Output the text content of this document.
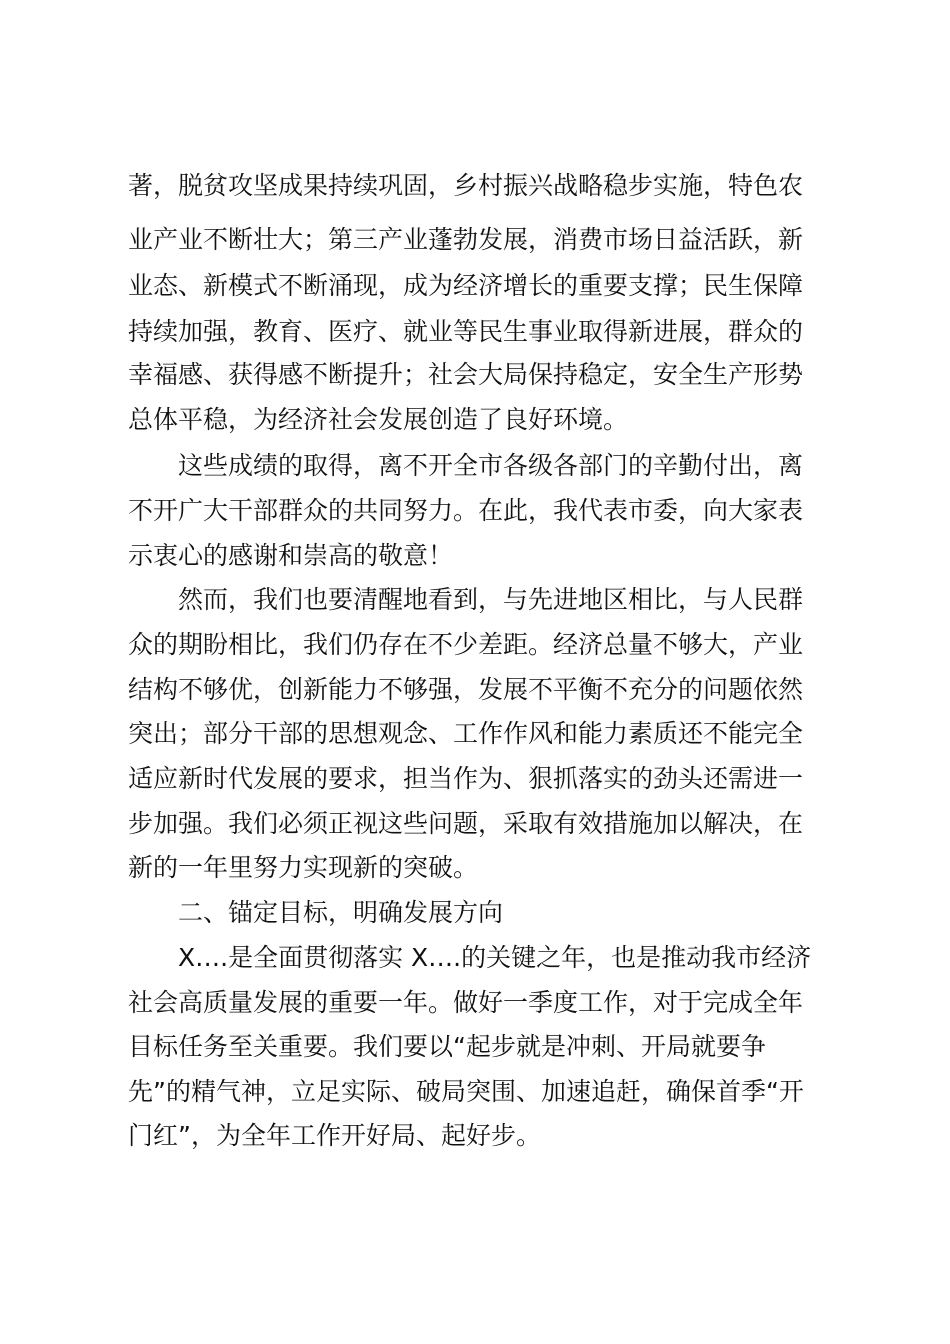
著，脱贫攻坚成果持续巩固，乡村振兴战略稳步实施，特色农
业产业不断壮大；第三产业蓬勃发展，消费市场日益活跃，新
业态、新模式不断涌现，成为经济增长的重要支撑；民生保障
持续加强，教育、医疗、就业等民生事业取得新进展，群众的
幸福感、获得感不断提升；社会大局保持稳定，安全生产形势
总体平稳，为经济社会发展创造了良好环境。
这些成绩的取得，离不开全市各级各部门的辛勤付出，离
不开广大干部群众的共同努力。在此，我代表市委，向大家表
示衷心的感谢和崇高的敬意！
然而，我们也要清醒地看到，与先进地区相比，与人民群
众的期盼相比，我们仍存在不少差距。经济总量不够大，产业
结构不够优，创新能力不够强，发展不平衡不充分的问题依然
突出；部分干部的思想观念、工作作风和能力素质还不能完全
适应新时代发展的要求，担当作为、狠抓落实的劲头还需进一
步加强。我们必须正视这些问题，采取有效措施加以解决，在
新的一年里努力实现新的突破。
二、锚定目标，明确发展方向
X….是全面贯彻落实 X….的关键之年，也是推动我市经济
社会高质量发展的重要一年。做好一季度工作，对于完成全年
目标任务至关重要。我们要以“起步就是冲刺、开局就要争
先”的精气神，立足实际、破局突围、加速追赶，确保首季“开
门红”，为全年工作开好局、起好步。
